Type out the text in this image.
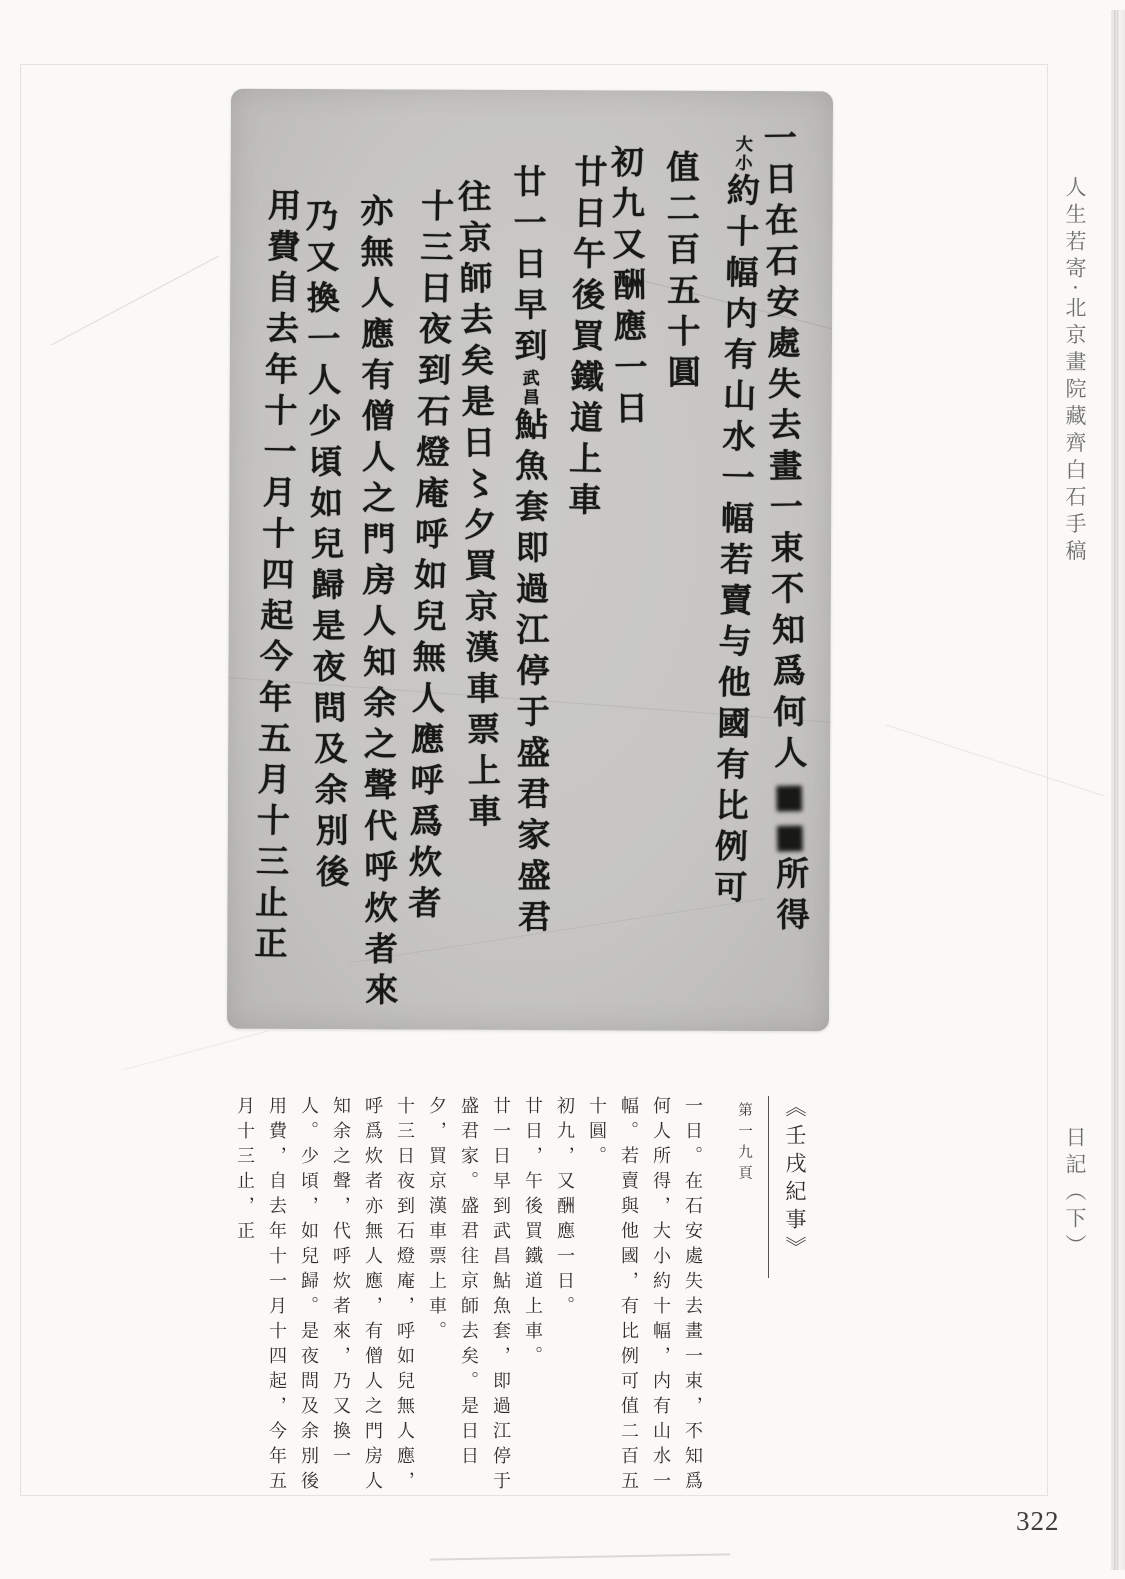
一日在石安處失去畫一束不知爲何人■■所得
大小約十幅内有山水一幅若賣与他國有比例可
值二百五十圓
初九又酬應一日
廿日午後買鐵道上車
廿一日早到武昌鮎魚套即過江停于盛君家盛君
往京師去矣是日〻夕買京漢車票上車
十三日夜到石燈庵呼如兒無人應呼爲炊者
亦無人應有僧人之門房人知余之聲代呼炊者來
乃又換一人少頃如兒歸是夜問及余別後
用費自去年十一月十四起今年五月十三止正	人生若寄·北京畫院藏齊白石手稿
日記（下）
《壬戌紀事》
第一九頁

一日。在石安處失去畫一束，不知爲何人所得，大小約十幅，内有山水一幅。若賣與他國，有比例可值二百五十圓。

初九，又酬應一日。

廿日，午後買鐵道上車。

廿一日早到武昌鮎魚套，即過江停于盛君家。盛君往京師去矣。是日日夕，買京漢車票上車。

十三日夜到石燈庵，呼如兒無人應，呼爲炊者亦無人應，有僧人之門房人知余之聲，代呼炊者來，乃又換一人。少頃，如兒歸。是夜問及余別後用費，自去年十一月十四起，今年五月十三止，正

322
